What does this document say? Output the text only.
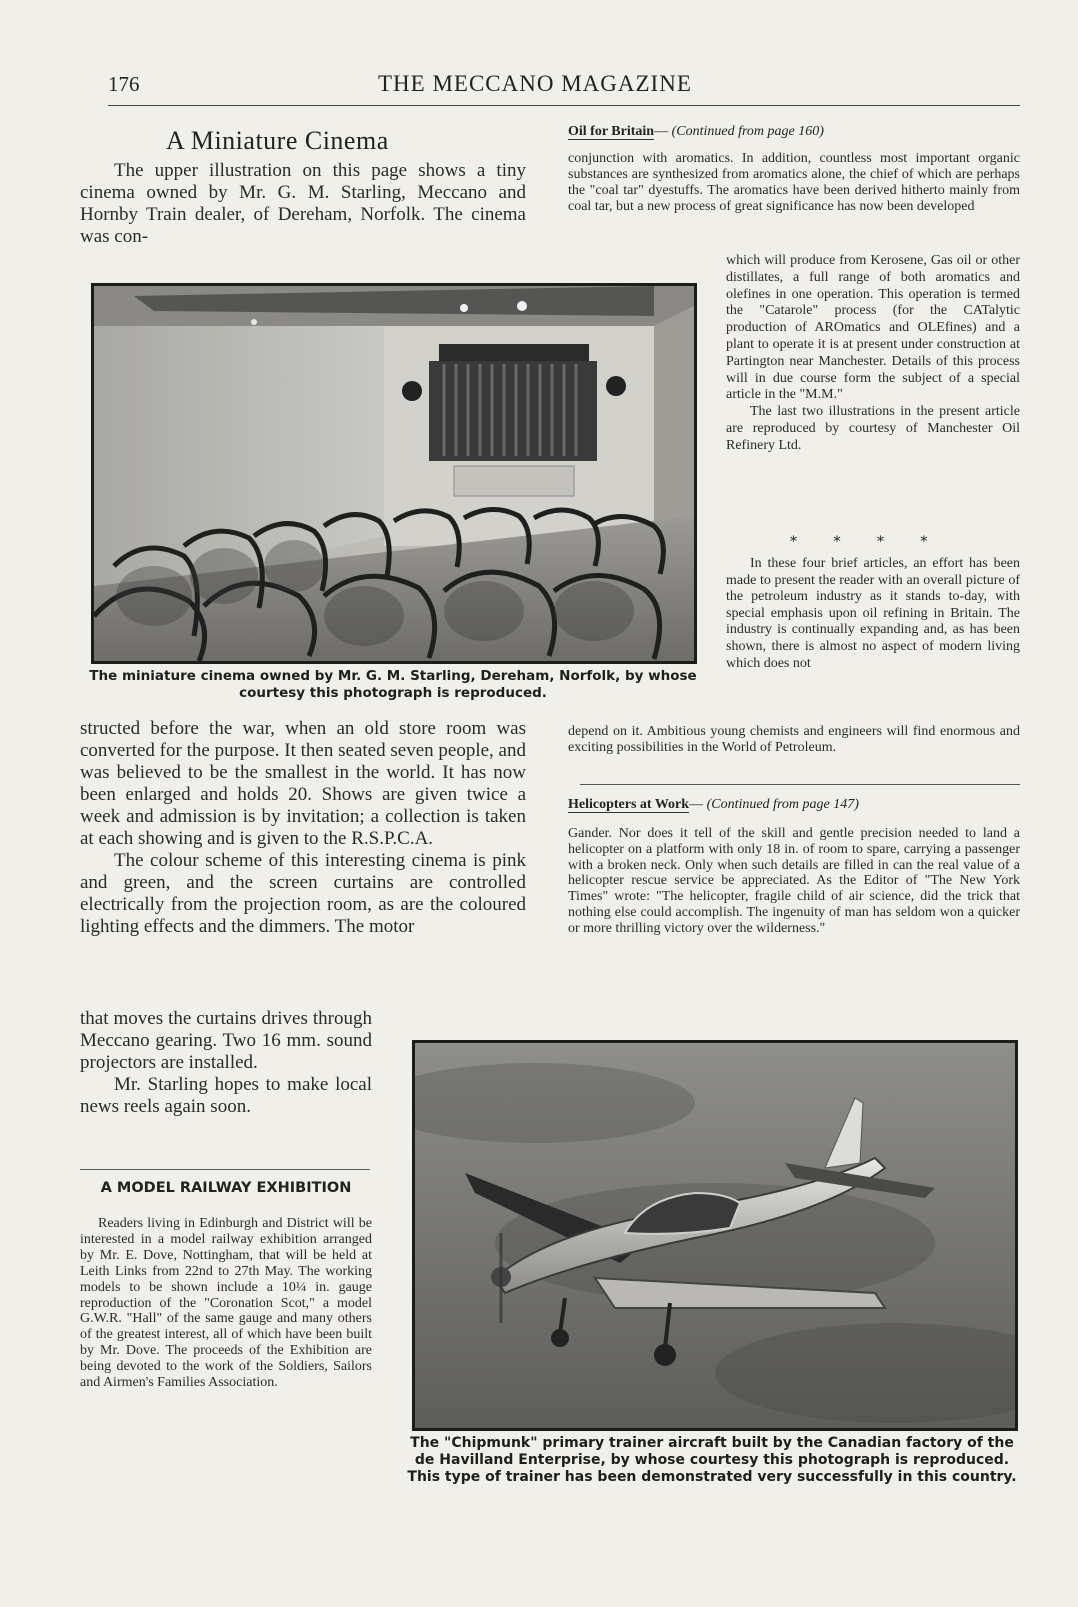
176	THE MECCANO MAGAZINE
A Miniature Cinema
The upper illustration on this page shows a tiny cinema owned by Mr. G. M. Starling, Meccano and Hornby Train dealer, of Dereham, Norfolk. The cinema was con-
The miniature cinema owned by Mr. G. M. Starling, Dereham, Norfolk, by whose courtesy this photograph is reproduced.

structed before the war, when an old store room was converted for the purpose. It then seated seven people, and was believed to be the smallest in the world. It has now been enlarged and holds 20. Shows are given twice a week and admission is by invitation; a collection is taken at each showing and is given to the R.S.P.C.A.

The colour scheme of this interesting cinema is pink and green, and the screen curtains are controlled electrically from the projection room, as are the coloured lighting effects and the dimmers. The motor

that moves the curtains drives through Meccano gearing. Two 16 mm. sound projectors are installed.
Mr. Starling hopes to make local news reels again soon.
A MODEL RAILWAY EXHIBITION
Readers living in Edinburgh and District will be interested in a model railway exhibition arranged by Mr. E. Dove, Nottingham, that will be held at Leith Links from 22nd to 27th May. The working models to be shown include a 10¼ in. gauge reproduction of the "Coronation Scot," a model G.W.R. "Hall" of the same gauge and many others of the greatest interest, all of which have been built by Mr. Dove. The proceeds of the Exhibition are being devoted to the work of the Soldiers, Sailors and Airmen's Families Association.
Oil for Britain— (Continued from page 160)
conjunction with aromatics. In addition, countless most important organic substances are synthesized from aromatics alone, the chief of which are perhaps the "coal tar" dyestuffs. The aromatics have been derived hitherto mainly from coal tar, but a new process of great significance has now been developed
which will produce from Kerosene, Gas oil or other distillates, a full range of both aromatics and olefines in one operation. This operation is termed the "Catarole" process (for the CATalytic production of AROmatics and OLEfines) and a plant to operate it is at present under construction at Partington near Manchester. Details of this process will in due course form the subject of a special article in the "M.M."
The last two illustrations in the present article are reproduced by courtesy of Manchester Oil Refinery Ltd.
* * * *
In these four brief articles, an effort has been made to present the reader with an overall picture of the petroleum industry as it stands to-day, with special emphasis upon oil refining in Britain. The industry is continually expanding and, as has been shown, there is almost no aspect of modern living which does not
depend on it. Ambitious young chemists and engineers will find enormous and exciting possibilities in the World of Petroleum.
Helicopters at Work— (Continued from page 147)
Gander. Nor does it tell of the skill and gentle precision needed to land a helicopter on a platform with only 18 in. of room to spare, carrying a passenger with a broken neck. Only when such details are filled in can the real value of a helicopter rescue service be appreciated. As the Editor of "The New York Times" wrote: "The helicopter, fragile child of air science, did the trick that nothing else could accomplish. The ingenuity of man has seldom won a quicker or more thrilling victory over the wilderness."
The "Chipmunk" primary trainer aircraft built by the Canadian factory of the de Havilland Enterprise, by whose courtesy this photograph is reproduced. This type of trainer has been demonstrated very successfully in this country.
